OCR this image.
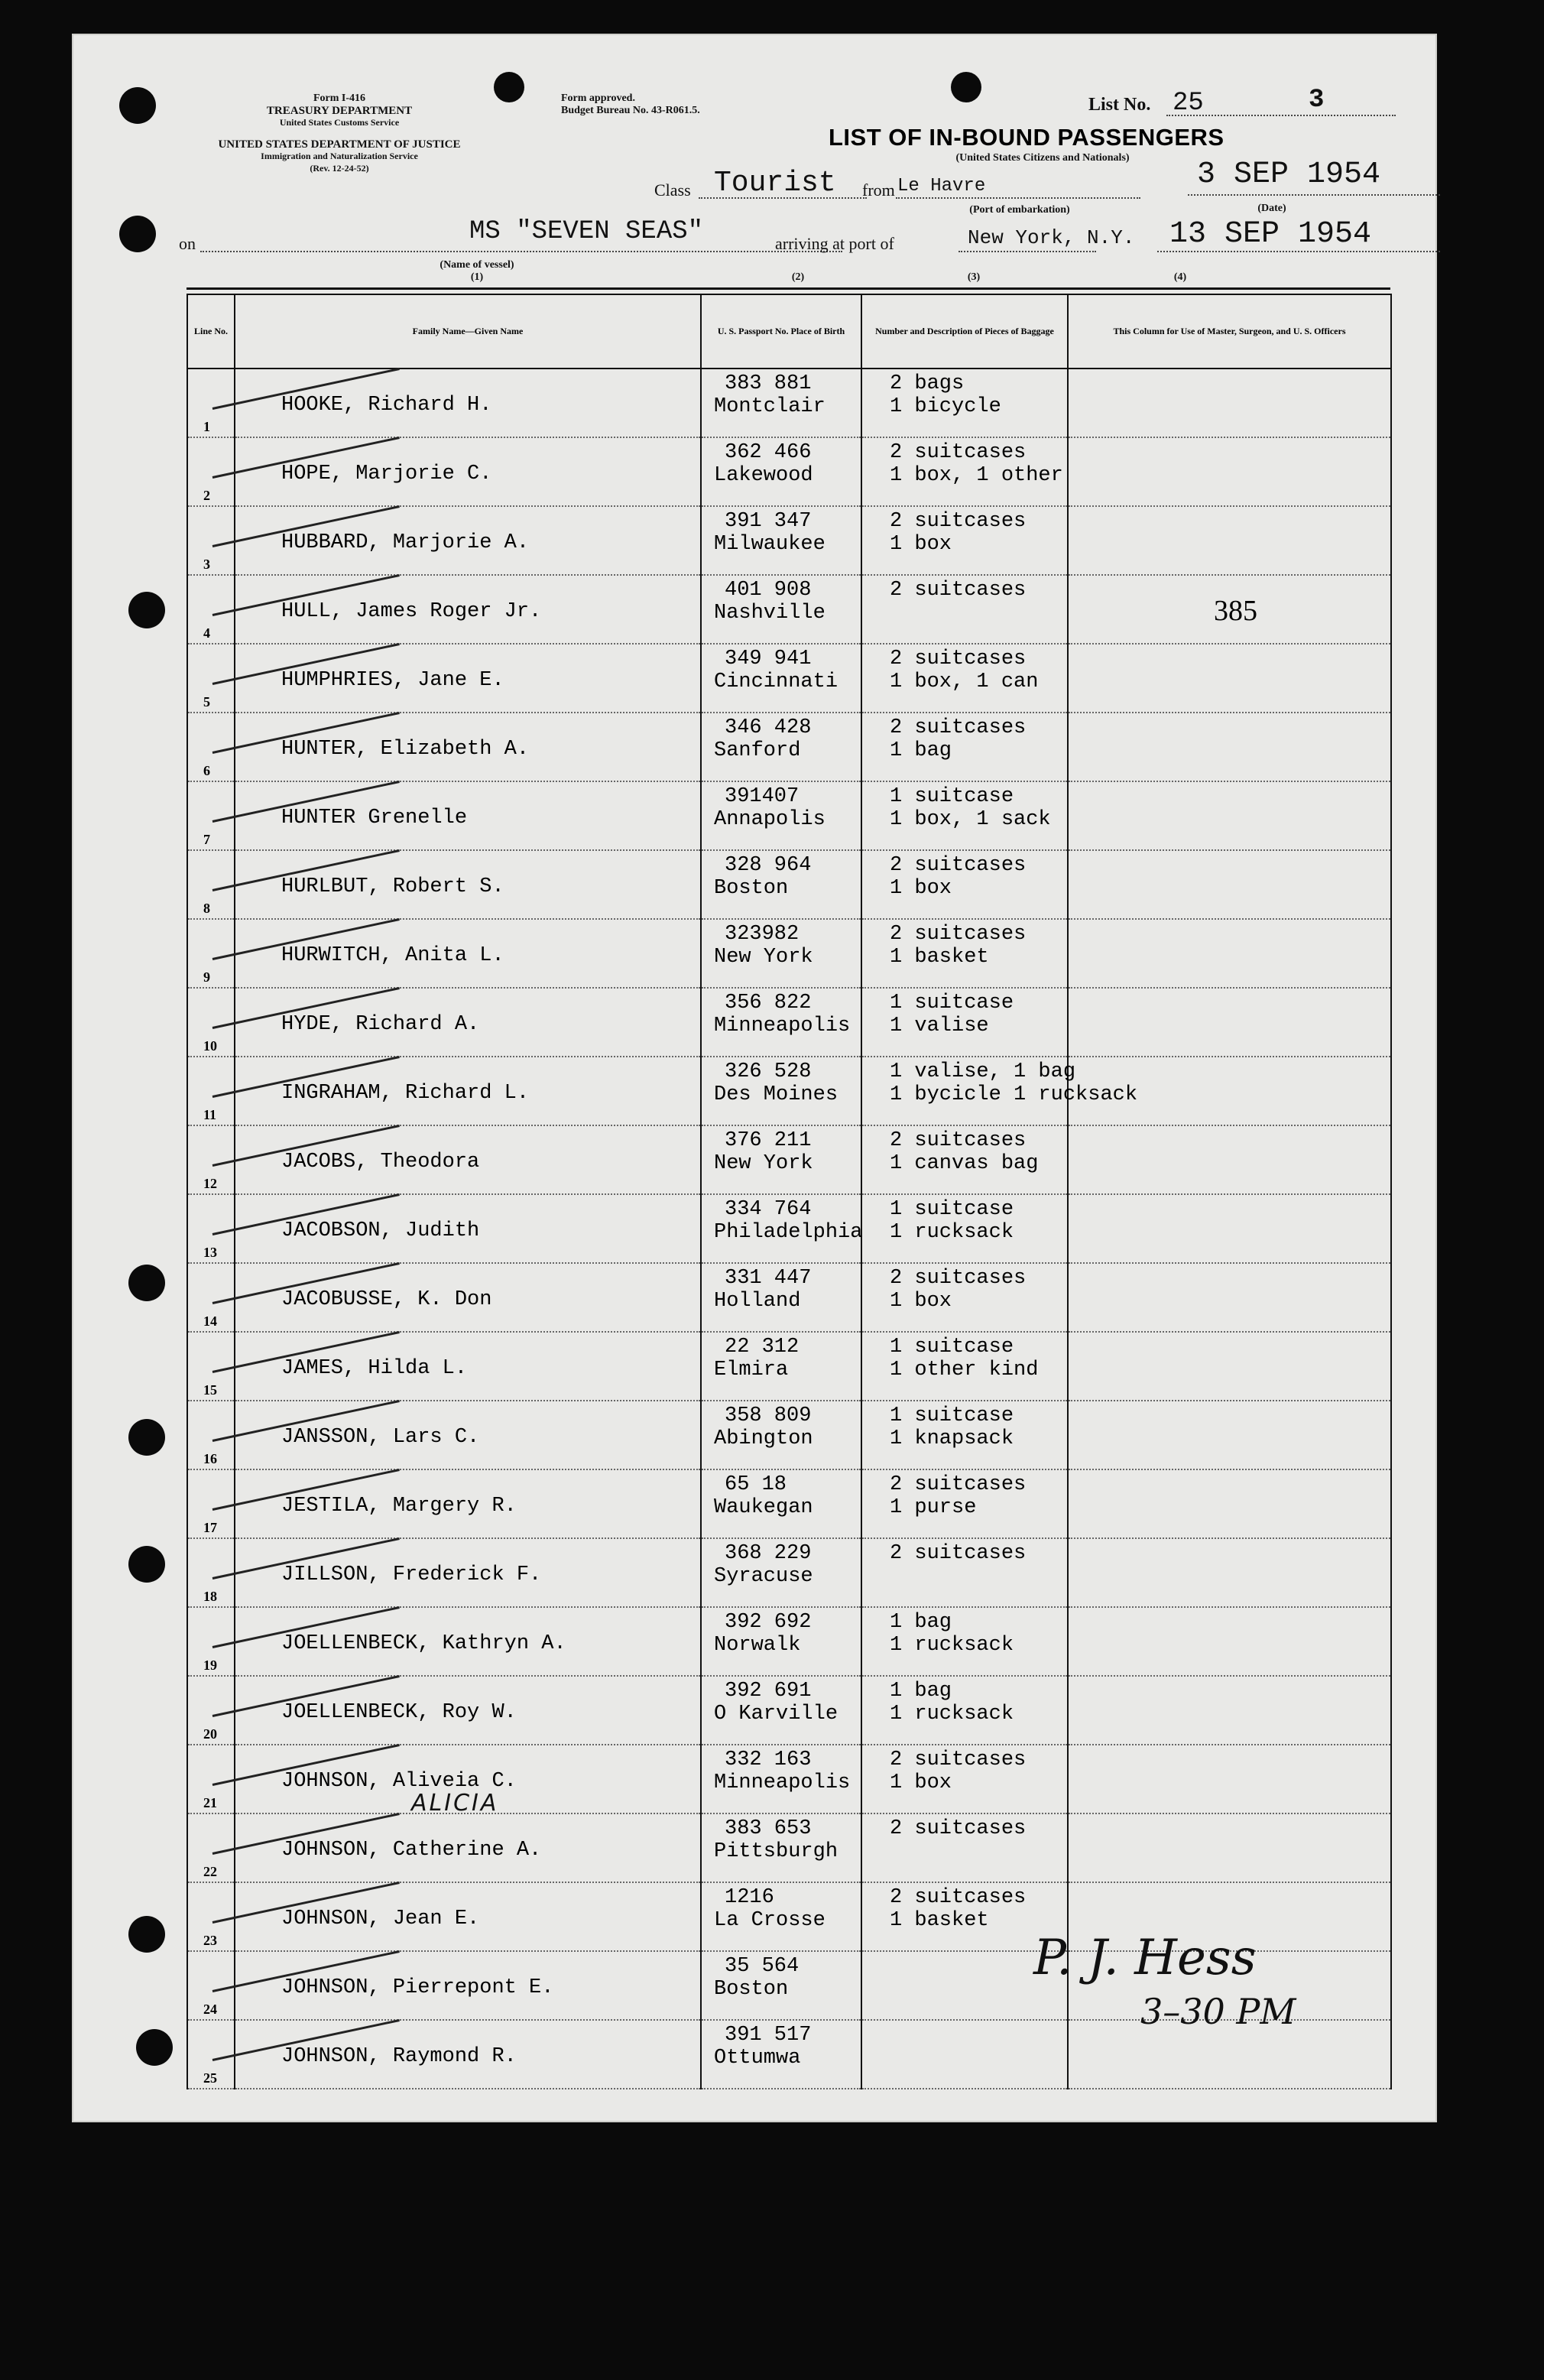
Form I-416
TREASURY DEPARTMENT
United States Customs Service
UNITED STATES DEPARTMENT OF JUSTICE
Immigration and Naturalization Service
(Rev. 12-24-52)
Form approved.
Budget Bureau No. 43-R061.5.
LIST OF IN-BOUND PASSENGERS
(United States Citizens and Nationals)
List No. 25	3
Class Tourist from Le Havre
(Port of embarkation)
3 SEP 1954
(Date)
on	MS "SEVEN SEAS"
(Name of vessel)
arriving at port of	New York, N.Y. 13 SEP 1954
(1)	(2)	(3)	(4)
Line No.	Family Name—Given Name	U. S. Passport No. Place of Birth	Number and Description of Pieces of Baggage	This Column for Use of Master, Surgeon, and U. S. Officers

1	HOOKE, Richard H.	383 881
Montclair	2 bags
1 bicycle	

2	HOPE, Marjorie C.	362 466
Lakewood	2 suitcases
1 box, 1 other	

3	HUBBARD, Marjorie A.	391 347
Milwaukee	2 suitcases
1 box	

4	HULL, James Roger Jr.	401 908
Nashville	2 suitcases	385

5	HUMPHRIES, Jane E.	349 941
Cincinnati	2 suitcases
1 box, 1 can	

6	HUNTER, Elizabeth A.	346 428
Sanford	2 suitcases
1 bag	

7	HUNTER Grenelle	391407
Annapolis	1 suitcase
1 box, 1 sack	

8	HURLBUT, Robert S.	328 964
Boston	2 suitcases
1 box	

9	HURWITCH, Anita L.	323982
New York	2 suitcases
1 basket	

10	HYDE, Richard A.	356 822
Minneapolis	1 suitcase
1 valise	

11	INGRAHAM, Richard L.	326 528
Des Moines	1 valise, 1 bag
1 bycicle 1 rucksack	

12	JACOBS, Theodora	376 211
New York	2 suitcases
1 canvas bag	

13	JACOBSON, Judith	334 764
Philadelphia	1 suitcase
1 rucksack	

14	JACOBUSSE, K. Don	331 447
Holland	2 suitcases
1 box	

15	JAMES, Hilda L.	22 312
Elmira	1 suitcase
1 other kind	

16	JANSSON, Lars C.	358 809
Abington	1 suitcase
1 knapsack	

17	JESTILA, Margery R.	65 18
Waukegan	2 suitcases
1 purse	

18	JILLSON, Frederick F.	368 229
Syracuse	2 suitcases	

19	JOELLENBECK, Kathryn A.	392 692
Norwalk	1 bag
1 rucksack	

20	JOELLENBECK, Roy W.	392 691
O Karville	1 bag
1 rucksack	

21	JOHNSON, Aliveia C.
ALICIA	332 163
Minneapolis	2 suitcases
1 box	

22	JOHNSON, Catherine A.	383 653
Pittsburgh	2 suitcases	

23	JOHNSON, Jean E.	1216
La Crosse	2 suitcases
1 basket	

24	JOHNSON, Pierrepont E.	35 564
Boston		

25	JOHNSON, Raymond R.	391 517
Ottumwa		

P. J. Hess
3–30 PM
